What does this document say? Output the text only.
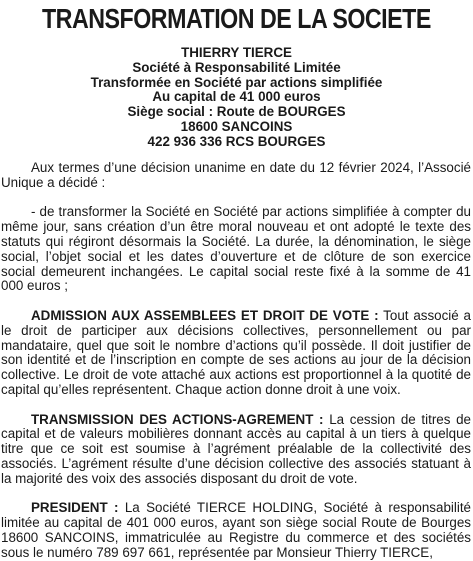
TRANSFORMATION DE LA SOCIETE
THIERRY TIERCE
Société à Responsabilité Limitée
Transformée en Société par actions simplifiée
Au capital de 41 000 euros
Siège social : Route de BOURGES
18600 SANCOINS
422 936 336 RCS BOURGES

Aux termes d’une décision unanime en date du 12 février 2024, l’Associé Unique a décidé :

- de transformer la Société en Société par actions simplifiée à compter du même jour, sans création d’un être moral nouveau et ont adopté le texte des statuts qui régiront désormais la Société. La durée, la dénomination, le siège social, l’objet social et les dates d’ouverture et de clôture de son exercice social demeurent inchangées. Le capital social reste fixé à la somme de 41 000 euros ;

ADMISSION AUX ASSEMBLEES ET DROIT DE VOTE : Tout associé a le droit de participer aux décisions collectives, personnellement ou par mandataire, quel que soit le nombre d’actions qu’il possède. Il doit justifier de son identité et de l’inscription en compte de ses actions au jour de la décision collective. Le droit de vote attaché aux actions est proportionnel à la quotité de capital qu’elles représentent. Chaque action donne droit à une voix.

TRANSMISSION DES ACTIONS-AGREMENT : La cession de titres de capital et de valeurs mobilières donnant accès au capital à un tiers à quelque titre que ce soit est soumise à l’agrément préalable de la collectivité des associés. L’agrément résulte d’une décision collective des associés statuant à la majorité des voix des associés disposant du droit de vote.

PRESIDENT : La Société TIERCE HOLDING, Société à responsabilité limitée au capital de 401 000 euros, ayant son siège social Route de Bourges 18600 SANCOINS, immatriculée au Registre du commerce et des sociétés sous le numéro 789 697 661, représentée par Monsieur Thierry TIERCE,
